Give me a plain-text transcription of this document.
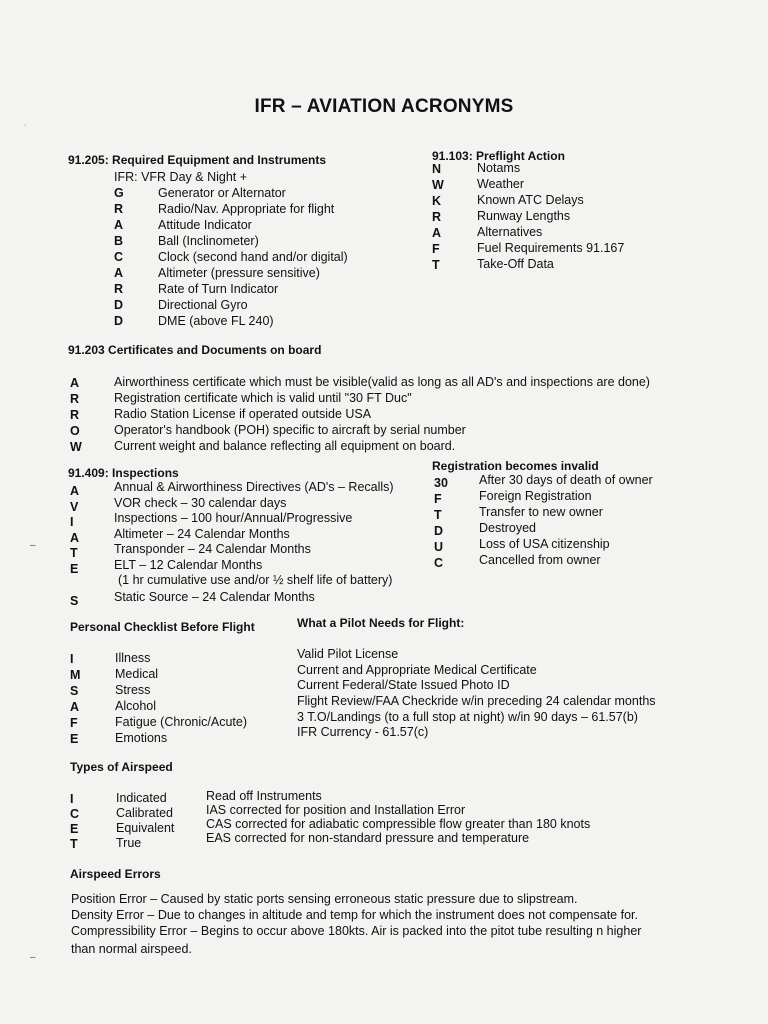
IFR – AVIATION ACRONYMS
91.205: Required Equipment and Instruments
IFR: VFR Day & Night +
G	Generator or Alternator
R	Radio/Nav. Appropriate for flight
A	Attitude Indicator
B	Ball (Inclinometer)
C	Clock (second hand and/or digital)
A	Altimeter (pressure sensitive)
R	Rate of Turn Indicator
D	Directional Gyro
D	DME (above FL 240)
91.103: Preflight Action
N	Notams
W	Weather
K	Known ATC Delays
R	Runway Lengths
A	Alternatives
F	Fuel Requirements 91.167
T	Take-Off Data
91.203 Certificates and Documents on board
A	Airworthiness certificate which must be visible(valid as long as all AD's and inspections are done)
R	Registration certificate which is valid until "30 FT Duc"
R	Radio Station License if operated outside USA
O	Operator's handbook (POH) specific to aircraft by serial number
W	Current weight and balance reflecting all equipment on board.
91.409: Inspections
A	Annual & Airworthiness Directives (AD's – Recalls)
V	VOR check – 30 calendar days
I	Inspections – 100 hour/Annual/Progressive
A	Altimeter – 24 Calendar Months
T	Transponder – 24 Calendar Months
E	ELT – 12 Calendar Months
(1 hr cumulative use and/or ½ shelf life of battery)
S	Static Source – 24 Calendar Months
Registration becomes invalid
30	After 30 days of death of owner
F	Foreign Registration
T	Transfer to new owner
D	Destroyed
U	Loss of USA citizenship
C	Cancelled from owner
Personal Checklist Before Flight
I	Illness
M	Medical
S	Stress
A	Alcohol
F	Fatigue (Chronic/Acute)
E	Emotions
What a Pilot Needs for Flight:
Valid Pilot License
Current and Appropriate Medical Certificate
Current Federal/State Issued Photo ID
Flight Review/FAA Checkride w/in preceding 24 calendar months
3 T.O/Landings (to a full stop at night) w/in 90 days – 61.57(b)
IFR Currency - 61.57(c)
Types of Airspeed
I	Indicated	Read off Instruments
C	Calibrated	IAS corrected for position and Installation Error
E	Equivalent	CAS corrected for adiabatic compressible flow greater than 180 knots
T	True	EAS corrected for non-standard pressure and temperature
Airspeed Errors
Position Error – Caused by static ports sensing erroneous static pressure due to slipstream.
Density Error – Due to changes in altitude and temp for which the instrument does not compensate for.
Compressibility Error – Begins to occur above 180kts. Air is packed into the pitot tube resulting n higher
than normal airspeed.
˙
–
–
